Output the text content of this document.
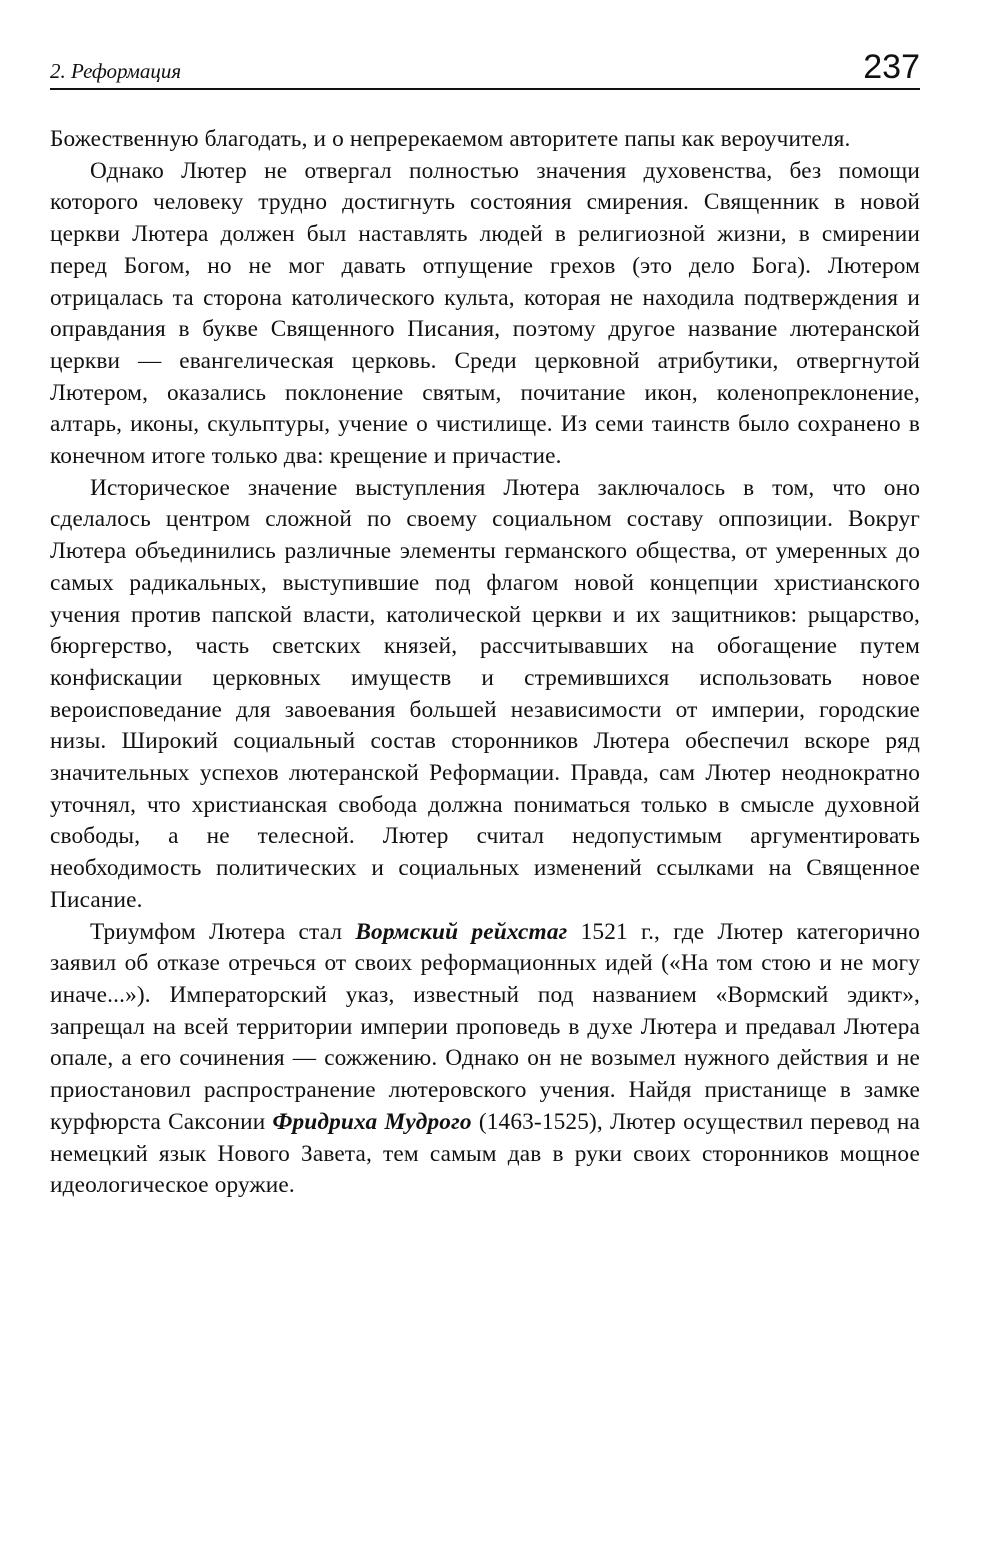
2. Реформация	237

Божественную благодать, и о непререкаемом авторитете папы как вероучителя.

Однако Лютер не отвергал полностью значения духовенства, без помощи которого человеку трудно достигнуть состояния смирения. Священник в новой церкви Лютера должен был наставлять людей в религиозной жизни, в смирении перед Богом, но не мог давать отпущение грехов (это дело Бога). Лютером отрицалась та сторона католического культа, которая не находила подтверждения и оправдания в букве Священного Писания, поэтому другое название лютеранской церкви — евангелическая церковь. Среди церковной атрибутики, отвергнутой Лютером, оказались поклонение святым, почитание икон, коленопреклонение, алтарь, иконы, скульптуры, учение о чистилище. Из семи таинств было сохранено в конечном итоге только два: крещение и причастие.

Историческое значение выступления Лютера заключалось в том, что оно сделалось центром сложной по своему социальном составу оппозиции. Вокруг Лютера объединились различные элементы германского общества, от умеренных до самых радикальных, выступившие под флагом новой концепции христианского учения против папской власти, католической церкви и их защитников: рыцарство, бюргерство, часть светских князей, рассчитывавших на обогащение путем конфискации церковных имуществ и стремившихся использовать новое вероисповедание для завоевания большей независимости от империи, городские низы. Широкий социальный состав сторонников Лютера обеспечил вскоре ряд значительных успехов лютеранской Реформации. Правда, сам Лютер неоднократно уточнял, что христианская свобода должна пониматься только в смысле духовной свободы, а не телесной. Лютер считал недопустимым аргументировать необходимость политических и социальных изменений ссылками на Священное Писание.

Триумфом Лютера стал Вормский рейхстаг 1521 г., где Лютер категорично заявил об отказе отречься от своих реформационных идей («На том стою и не могу иначе...»). Императорский указ, известный под названием «Вормский эдикт», запрещал на всей территории империи проповедь в духе Лютера и предавал Лютера опале, а его сочинения — сожжению. Однако он не возымел нужного действия и не приостановил распространение лютеровского учения. Найдя пристанище в замке курфюрста Саксонии Фридриха Мудрого (1463-1525), Лютер осуществил перевод на немецкий язык Нового Завета, тем самым дав в руки своих сторонников мощное идеологическое оружие.
